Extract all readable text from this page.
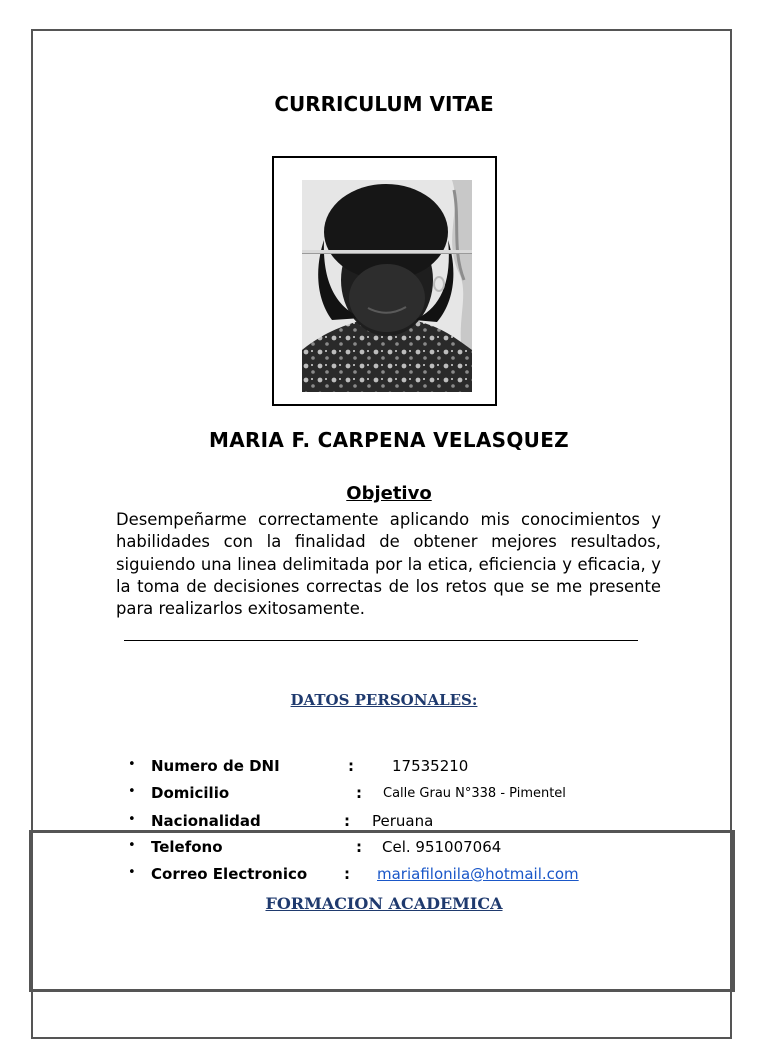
CURRICULUM VITAE
MARIA F. CARPENA VELASQUEZ
Objetivo
Desempeñarme correctamente aplicando mis conocimientos y habilidades con la finalidad de obtener mejores resultados, siguiendo una linea delimitada por la etica, eficiencia y eficacia, y la toma de decisiones correctas de los retos que se me presente para realizarlos exitosamente.
DATOS PERSONALES:
• Numero de DNI	:	17535210
• Domicilio	: Calle Grau N°338 - Pimentel
• Nacionalidad	: Peruana
• Telefono	: Cel. 951007064
• Correo Electronico : mariafilonila@hotmail.com
FORMACION ACADEMICA
